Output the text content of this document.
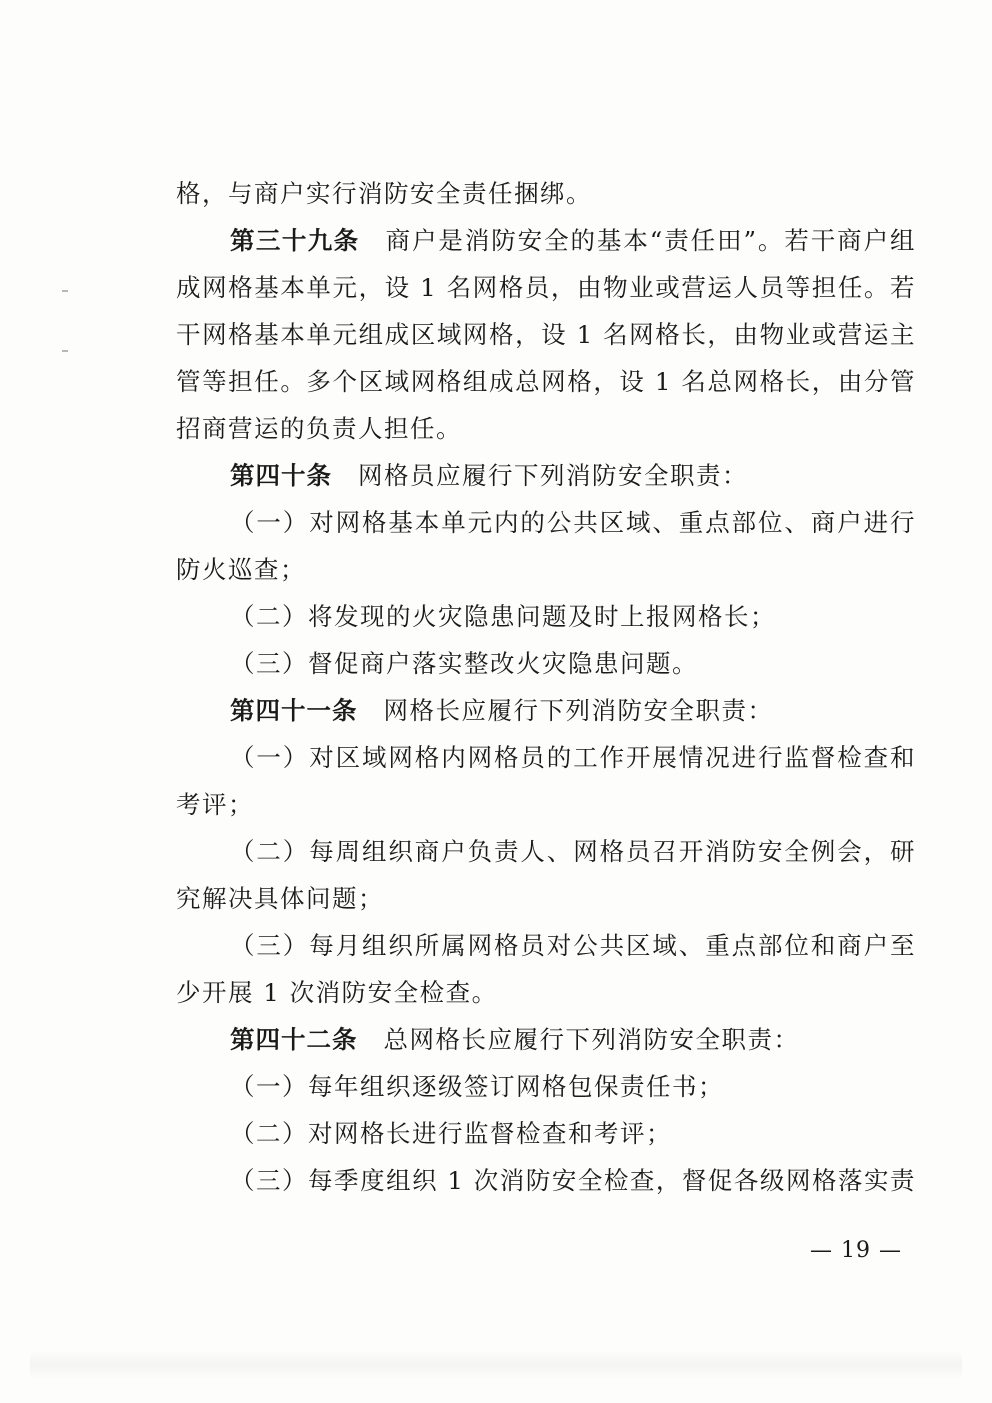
格，与商户实行消防安全责任捆绑。
第三十九条 商户是消防安全的基本“责任田”。若干商户组
成网格基本单元，设 1 名网格员，由物业或营运人员等担任。若
干网格基本单元组成区域网格，设 1 名网格长，由物业或营运主
管等担任。多个区域网格组成总网格，设 1 名总网格长，由分管
招商营运的负责人担任。
第四十条 网格员应履行下列消防安全职责：
（一）对网格基本单元内的公共区域、重点部位、商户进行
防火巡查；
（二）将发现的火灾隐患问题及时上报网格长；
（三）督促商户落实整改火灾隐患问题。
第四十一条 网格长应履行下列消防安全职责：
（一）对区域网格内网格员的工作开展情况进行监督检查和
考评；
（二）每周组织商户负责人、网格员召开消防安全例会，研
究解决具体问题；
（三）每月组织所属网格员对公共区域、重点部位和商户至
少开展 1 次消防安全检查。
第四十二条 总网格长应履行下列消防安全职责：
（一）每年组织逐级签订网格包保责任书；
（二）对网格长进行监督检查和考评；
（三）每季度组织 1 次消防安全检查，督促各级网格落实责
— 19 —
